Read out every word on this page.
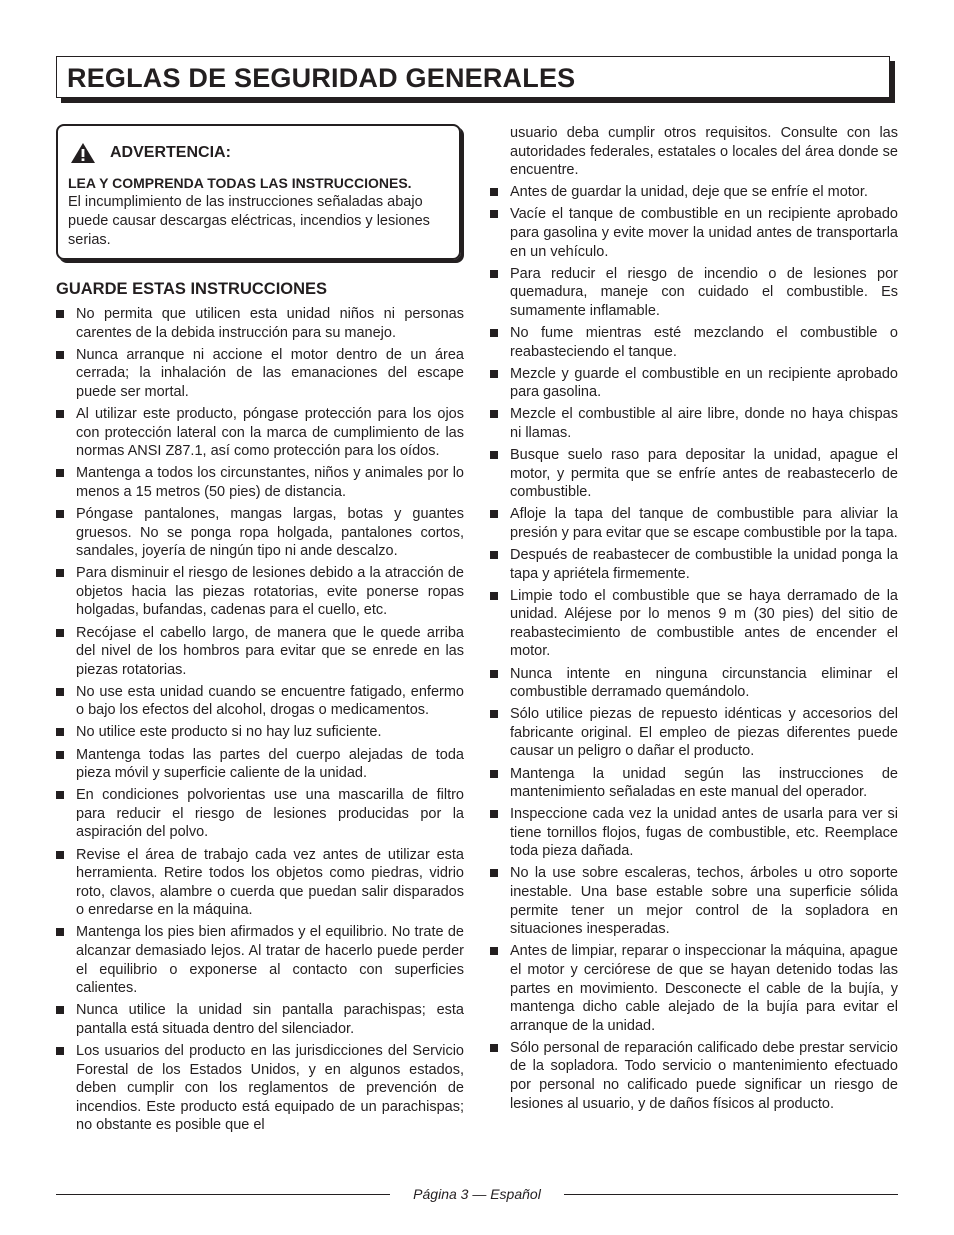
REGLAS DE SEGURIDAD GENERALES
ADVERTENCIA:

LEA Y COMPRENDA TODAS LAS INSTRUCCIONES.

El incumplimiento de las instrucciones señaladas abajo puede causar descargas eléctricas, incendios y lesiones serias.

GUARDE ESTAS INSTRUCCIONES

No permita que utilicen esta unidad niños ni personas carentes de la debida instrucción para su manejo.
Nunca arranque ni accione el motor dentro de un área cerrada; la inhalación de las emanaciones del escape puede ser mortal.
Al utilizar este producto, póngase protección para los ojos con protección lateral con la marca de cumplimiento de las normas ANSI Z87.1, así como protección para los oídos.
Mantenga a todos los circunstantes, niños y animales por lo menos a 15 metros (50 pies) de distancia.
Póngase pantalones, mangas largas, botas y guantes gruesos. No se ponga ropa holgada, pantalones cortos, sandales, joyería de ningún tipo ni ande descalzo.
Para disminuir el riesgo de lesiones debido a la atracción de objetos hacia las piezas rotatorias, evite ponerse ropas holgadas, bufandas, cadenas para el cuello, etc.
Recójase el cabello largo, de manera que le quede arriba del nivel de los hombros para evitar que se enrede en las piezas rotatorias.
No use esta unidad cuando se encuentre fatigado, enfermo o bajo los efectos del alcohol, drogas o medicamentos.
No utilice este producto si no hay luz suficiente.
Mantenga todas las partes del cuerpo alejadas de toda pieza móvil y superficie caliente de la unidad.
En condiciones polvorientas use una mascarilla de filtro para reducir el riesgo de lesiones producidas por la aspiración del polvo.
Revise el área de trabajo cada vez antes de utilizar esta herramienta. Retire todos los objetos como piedras, vidrio roto, clavos, alambre o cuerda que puedan salir disparados o enredarse en la máquina.
Mantenga los pies bien afirmados y el equilibrio. No trate de alcanzar demasiado lejos. Al tratar de hacerlo puede perder el equilibrio o exponerse al contacto con superficies calientes.
Nunca utilice la unidad sin pantalla parachispas; esta pantalla está situada dentro del silenciador.
Los usuarios del producto en las jurisdicciones del Servicio Forestal de los Estados Unidos, y en algunos estados, deben cumplir con los reglamentos de prevención de incendios. Este producto está equipado de un parachispas; no obstante es posible que el

usuario deba cumplir otros requisitos. Consulte con las autoridades federales, estatales o locales del área donde se encuentre.

Antes de guardar la unidad, deje que se enfríe el motor.
Vacíe el tanque de combustible en un recipiente aprobado para gasolina y evite mover la unidad antes de transportarla en un vehículo.
Para reducir el riesgo de incendio o de lesiones por quemadura, maneje con cuidado el combustible. Es sumamente inflamable.
No fume mientras esté mezclando el combustible o reabasteciendo el tanque.
Mezcle y guarde el combustible en un recipiente aprobado para gasolina.
Mezcle el combustible al aire libre, donde no haya chispas ni llamas.
Busque suelo raso para depositar la unidad, apague el motor, y permita que se enfríe antes de reabastecerlo de combustible.
Afloje la tapa del tanque de combustible para aliviar la presión y para evitar que se escape combustible por la tapa.
Después de reabastecer de combustible la unidad ponga la tapa y apriétela firmemente.
Limpie todo el combustible que se haya derramado de la unidad. Aléjese por lo menos 9 m (30 pies) del sitio de reabastecimiento de combustible antes de encender el motor.
Nunca intente en ninguna circunstancia eliminar el combustible derramado quemándolo.
Sólo utilice piezas de repuesto idénticas y accesorios del fabricante original. El empleo de piezas diferentes puede causar un peligro o dañar el producto.
Mantenga la unidad según las instrucciones de mantenimiento señaladas en este manual del operador.
Inspeccione cada vez la unidad antes de usarla para ver si tiene tornillos flojos, fugas de combustible, etc. Reemplace toda pieza dañada.
No la use sobre escaleras, techos, árboles u otro soporte inestable. Una base estable sobre una superficie sólida permite tener un mejor control de la sopladora en situaciones inesperadas.
Antes de limpiar, reparar o inspeccionar la máquina, apague el motor y cerciórese de que se hayan detenido todas las partes en movimiento. Desconecte el cable de la bujía, y mantenga dicho cable alejado de la bujía para evitar el arranque de la unidad.
Sólo personal de reparación calificado debe prestar servicio de la sopladora. Todo servicio o mantenimiento efectuado por personal no calificado puede significar un riesgo de lesiones al usuario, y de daños físicos al producto.
Página 3 — Español
